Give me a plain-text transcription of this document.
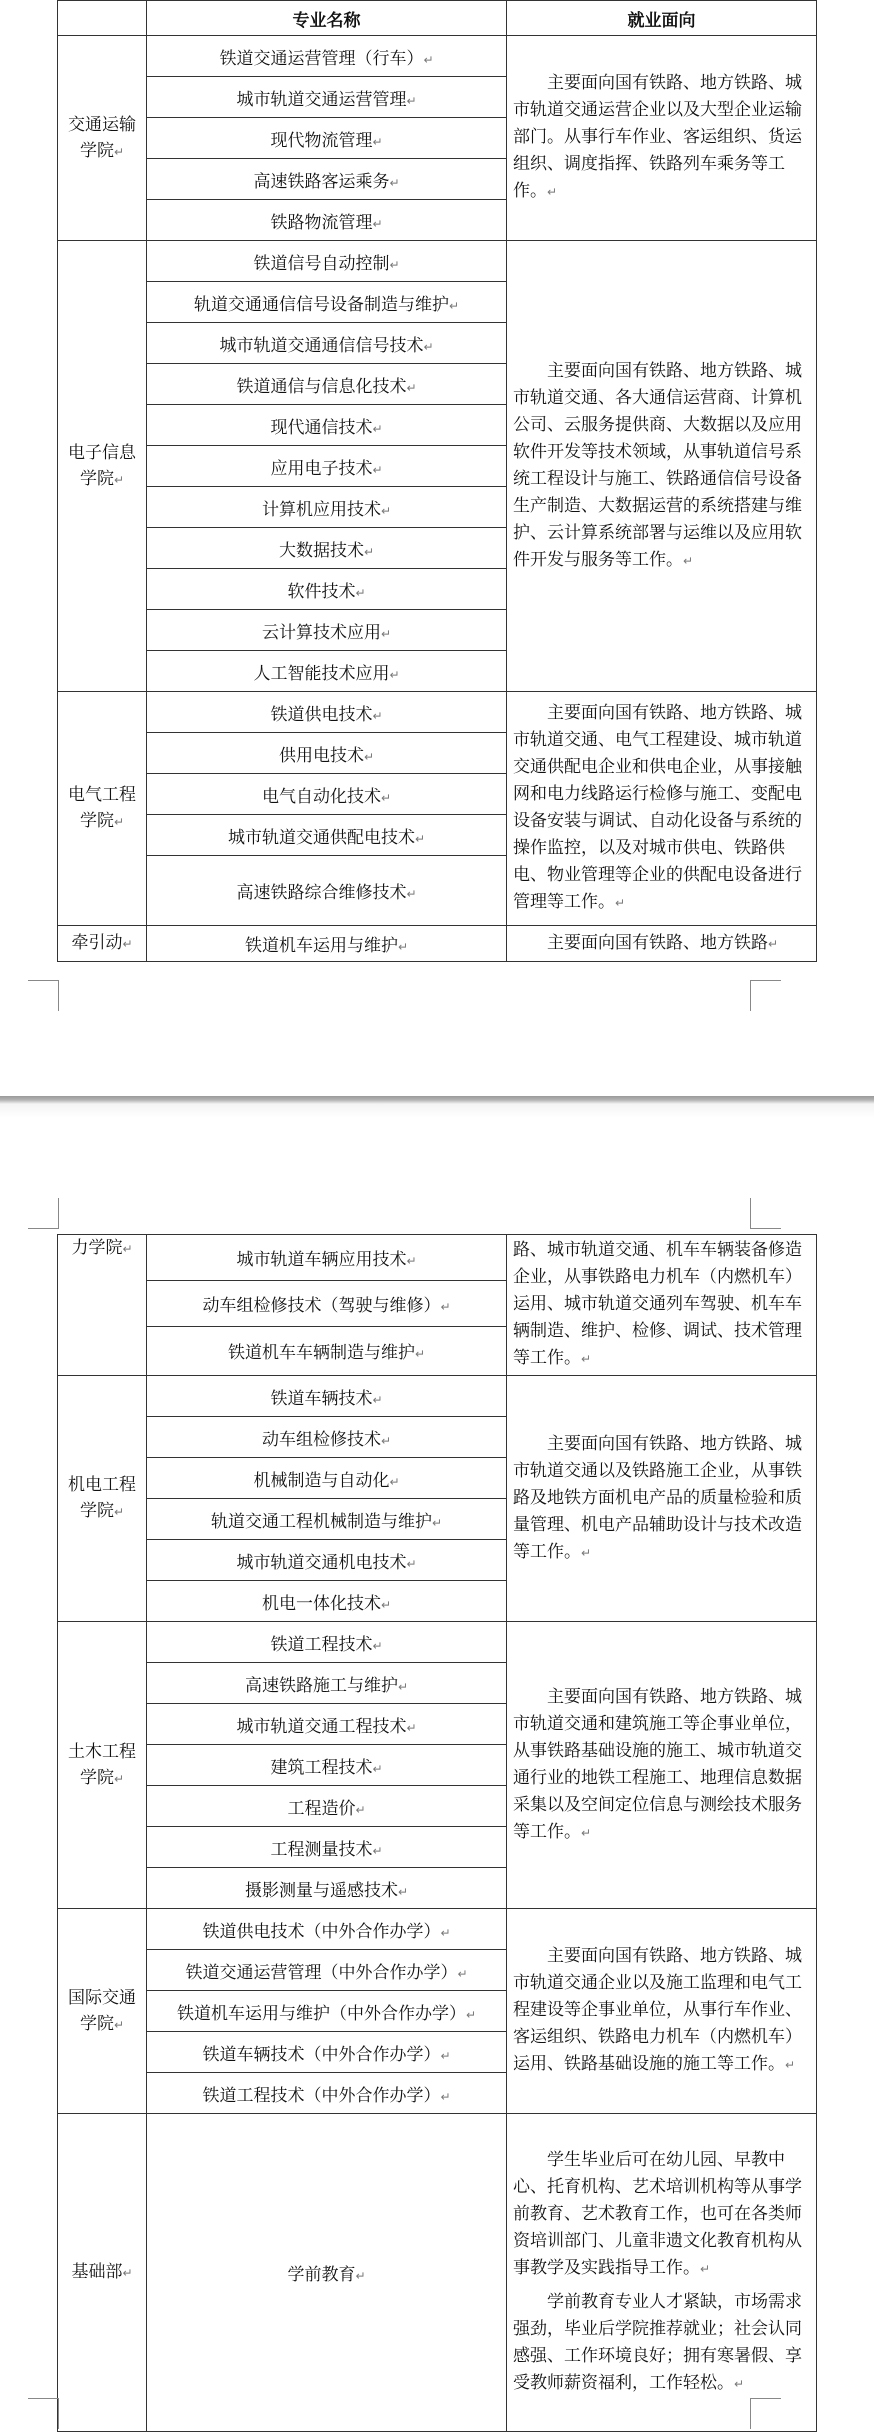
	专业名称	就业面向
交通运输学院↵	铁道交通运营管理（行车）↵	主要面向国有铁路、地方铁路、城市轨道交通运营企业以及大型企业运输部门。从事行车作业、客运组织、货运组织、调度指挥、铁路列车乘务等工作。↵

	城市轨道交通运营管理↵	
	现代物流管理↵	
	高速铁路客运乘务↵	
	铁路物流管理↵	
电子信息学院↵	铁道信号自动控制↵	主要面向国有铁路、地方铁路、城市轨道交通、各大通信运营商、计算机公司、云服务提供商、大数据以及应用软件开发等技术领域，从事轨道信号系统工程设计与施工、铁路通信信号设备生产制造、大数据运营的系统搭建与维护、云计算系统部署与运维以及应用软件开发与服务等工作。↵

	轨道交通通信信号设备制造与维护↵	
	城市轨道交通通信信号技术↵	
	铁道通信与信息化技术↵	
	现代通信技术↵	
	应用电子技术↵	
	计算机应用技术↵	
	大数据技术↵	
	软件技术↵	
	云计算技术应用↵	
	人工智能技术应用↵	
电气工程学院↵	铁道供电技术↵	主要面向国有铁路、地方铁路、城市轨道交通、电气工程建设、城市轨道交通供配电企业和供电企业，从事接触网和电力线路运行检修与施工、变配电设备安装与调试、自动化设备与系统的操作监控，以及对城市供电、铁路供电、物业管理等企业的供配电设备进行管理等工作。↵

	供用电技术↵	
	电气自动化技术↵	
	城市轨道交通供配电技术↵	
	高速铁路综合维修技术↵	
牵引动↵	铁道机车运用与维护↵	主要面向国有铁路、地方铁路↵

力学院↵	城市轨道车辆应用技术↵	路、城市轨道交通、机车车辆装备修造企业，从事铁路电力机车（内燃机车）运用、城市轨道交通列车驾驶、机车车辆制造、维护、检修、调试、技术管理等工作。↵

	动车组检修技术（驾驶与维修）↵	
	铁道机车车辆制造与维护↵	
机电工程学院↵	铁道车辆技术↵	主要面向国有铁路、地方铁路、城市轨道交通以及铁路施工企业，从事铁路及地铁方面机电产品的质量检验和质量管理、机电产品辅助设计与技术改造等工作。↵

	动车组检修技术↵	
	机械制造与自动化↵	
	轨道交通工程机械制造与维护↵	
	城市轨道交通机电技术↵	
	机电一体化技术↵	
土木工程学院↵	铁道工程技术↵	主要面向国有铁路、地方铁路、城市轨道交通和建筑施工等企事业单位，从事铁路基础设施的施工、城市轨道交通行业的地铁工程施工、地理信息数据采集以及空间定位信息与测绘技术服务等工作。↵

	高速铁路施工与维护↵	
	城市轨道交通工程技术↵	
	建筑工程技术↵	
	工程造价↵	
	工程测量技术↵	
	摄影测量与遥感技术↵	
国际交通学院↵	铁道供电技术（中外合作办学）↵	主要面向国有铁路、地方铁路、城市轨道交通企业以及施工监理和电气工程建设等企事业单位，从事行车作业、客运组织、铁路电力机车（内燃机车）运用、铁路基础设施的施工等工作。↵

	铁道交通运营管理（中外合作办学）↵	
	铁道机车运用与维护（中外合作办学）↵	
	铁道车辆技术（中外合作办学）↵	
	铁道工程技术（中外合作办学）↵	
基础部↵	学前教育↵	学生毕业后可在幼儿园、早教中心、托育机构、艺术培训机构等从事学前教育、艺术教育工作，也可在各类师资培训部门、儿童非遗文化教育机构从事教学及实践指导工作。↵

学前教育专业人才紧缺，市场需求强劲，毕业后学院推荐就业；社会认同感强、工作环境良好；拥有寒暑假、享受教师薪资福利，工作轻松。↵
